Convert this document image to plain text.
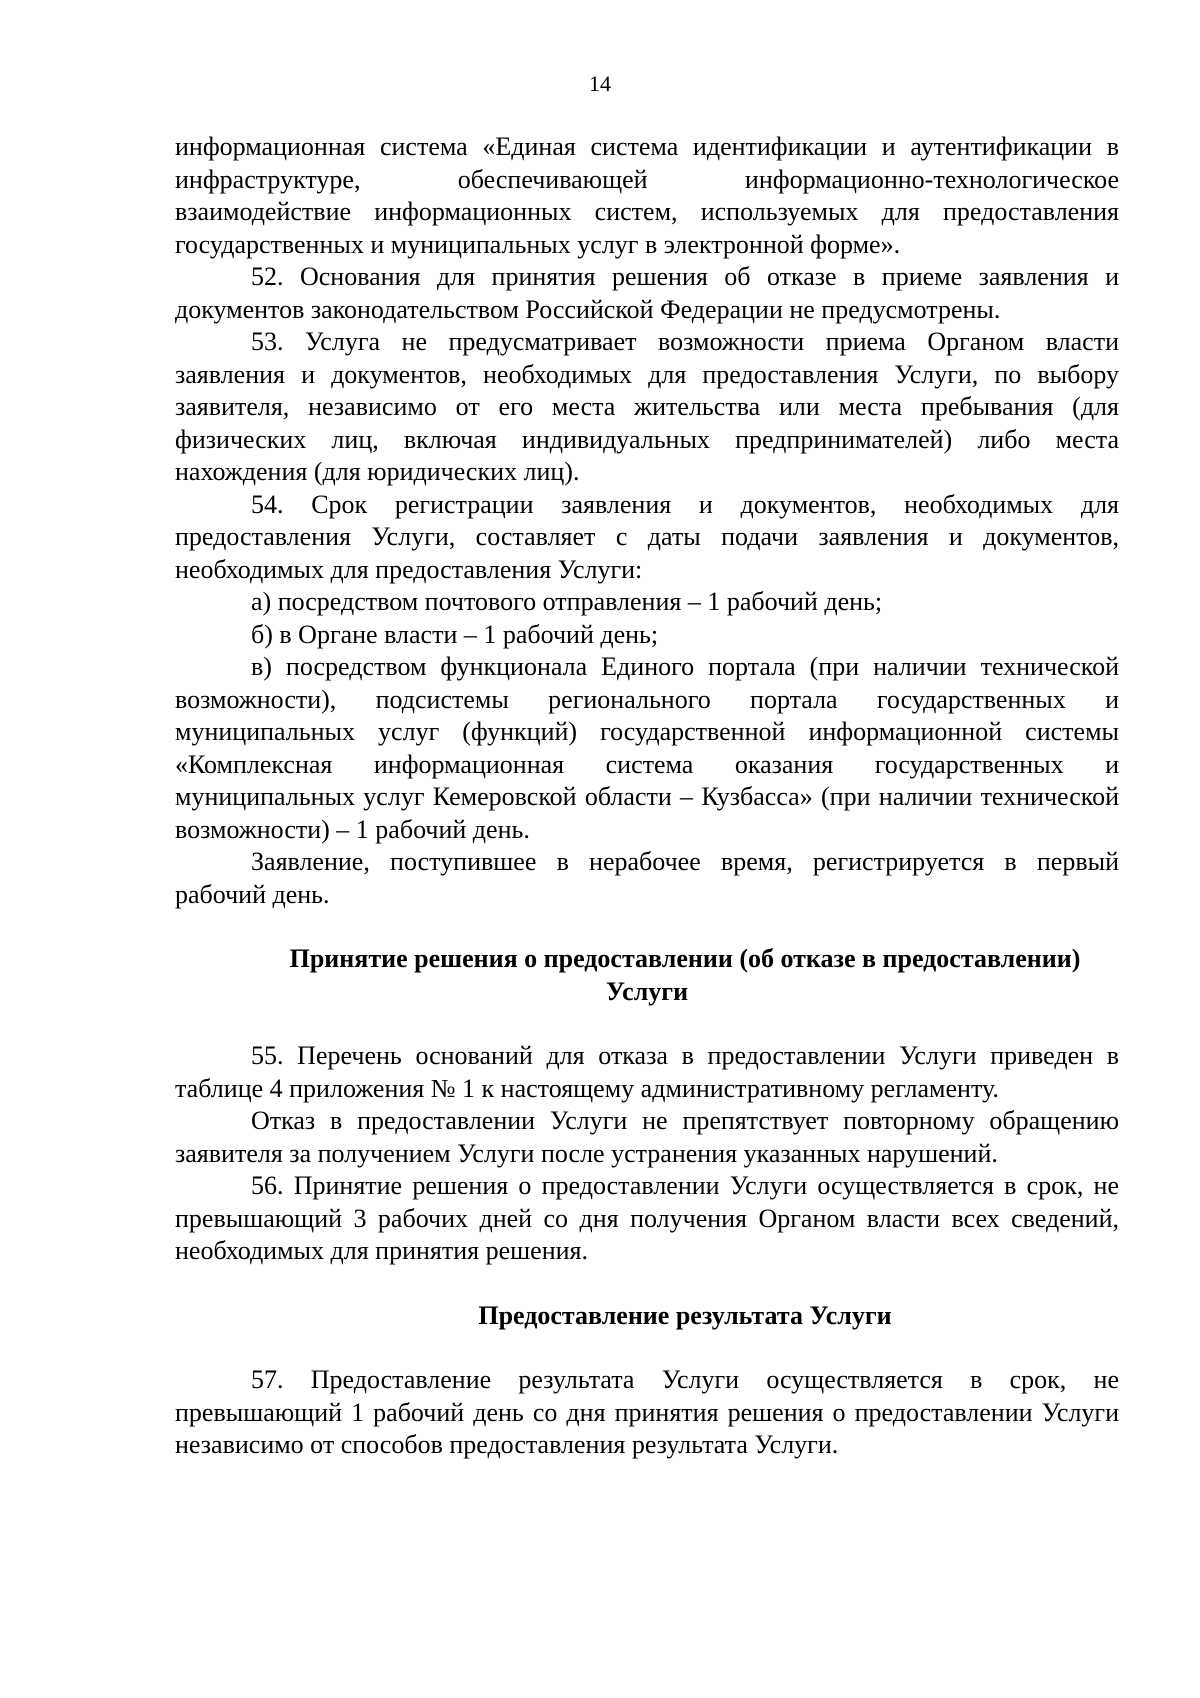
14

информационная система «Единая система идентификации и аутентификации в инфраструктуре, обеспечивающей информационно-технологическое взаимодействие информационных систем, используемых для предоставления государственных и муниципальных услуг в электронной форме».

52. Основания для принятия решения об отказе в приеме заявления и документов законодательством Российской Федерации не предусмотрены.

53. Услуга не предусматривает возможности приема Органом власти заявления и документов, необходимых для предоставления Услуги, по выбору заявителя, независимо от его места жительства или места пребывания (для физических лиц, включая индивидуальных предпринимателей) либо места нахождения (для юридических лиц).

54. Срок регистрации заявления и документов, необходимых для предоставления Услуги, составляет с даты подачи заявления и документов, необходимых для предоставления Услуги:

а) посредством почтового отправления – 1 рабочий день;

б) в Органе власти – 1 рабочий день;

в) посредством функционала Единого портала (при наличии технической возможности), подсистемы регионального портала государственных и муниципальных услуг (функций) государственной информационной системы «Комплексная информационная система оказания государственных и муниципальных услуг Кемеровской области – Кузбасса» (при наличии технической возможности) – 1 рабочий день.

Заявление, поступившее в нерабочее время, регистрируется в первый рабочий день.

Принятие решения о предоставлении (об отказе в предоставлении)
Услуги

55. Перечень оснований для отказа в предоставлении Услуги приведен в таблице 4 приложения № 1 к настоящему административному регламенту.

Отказ в предоставлении Услуги не препятствует повторному обращению заявителя за получением Услуги после устранения указанных нарушений.

56. Принятие решения о предоставлении Услуги осуществляется в срок, не превышающий 3 рабочих дней со дня получения Органом власти всех сведений, необходимых для принятия решения.

Предоставление результата Услуги

57. Предоставление результата Услуги осуществляется в срок, не превышающий 1 рабочий день со дня принятия решения о предоставлении Услуги независимо от способов предоставления результата Услуги.
